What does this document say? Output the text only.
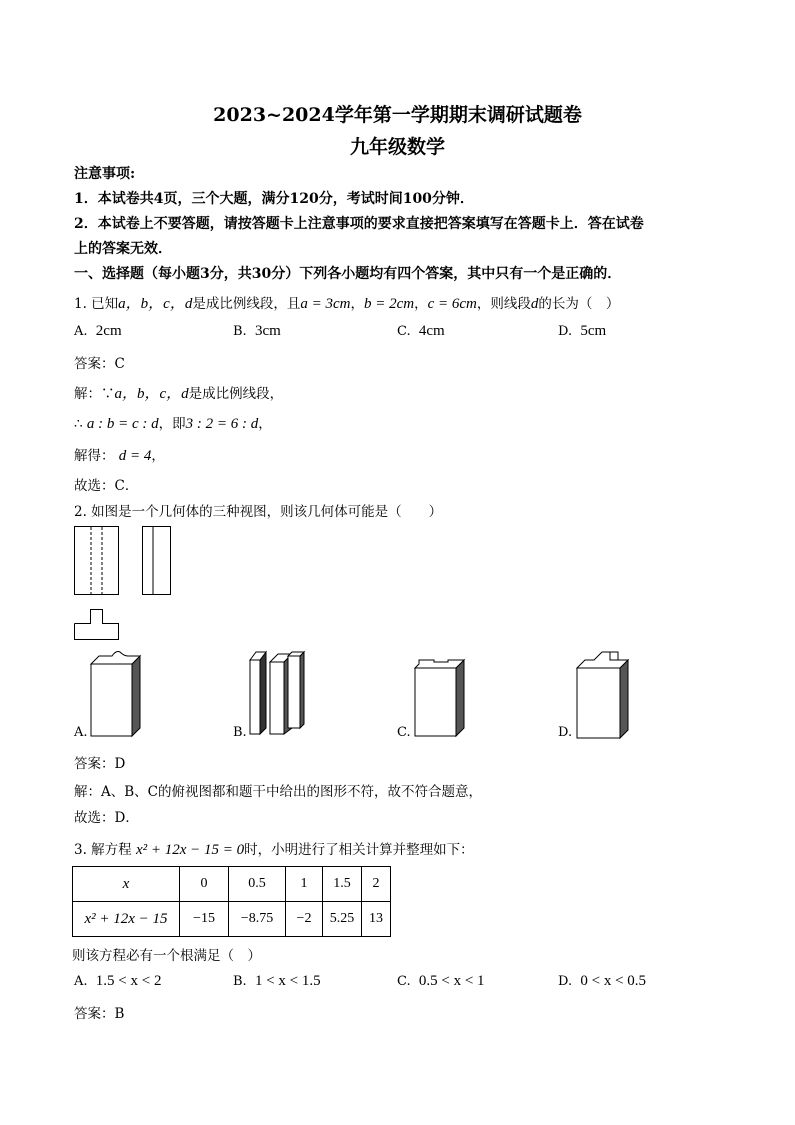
2023~2024学年第一学期期末调研试题卷
九年级数学
注意事项:
1．本试卷共4页，三个大题，满分120分，考试时间100分钟．
2．本试卷上不要答题，请按答题卡上注意事项的要求直接把答案填写在答题卡上．答在试卷
上的答案无效．
一、选择题（每小题3分，共30分）下列各小题均有四个答案，其中只有一个是正确的．
1. 已知a，b，c，d是成比例线段，且a = 3cm，b = 2cm，c = 6cm，则线段d的长为（　）
A. 2cm	B. 3cm	C. 4cm	D. 5cm
答案：C
解：∵a，b，c，d是成比例线段，
∴ a : b = c : d，即3 : 2 = 6 : d，
解得： d = 4，
故选：C．
2. 如图是一个几何体的三种视图，则该几何体可能是（　　）
A.	B.	C.	D.
答案：D
解：A、B、C的俯视图都和题干中给出的图形不符，故不符合题意，
故选：D．
3. 解方程 x² + 12x − 15 = 0时，小明进行了相关计算并整理如下：
x	0	0.5	1	1.5	2
x² + 12x − 15	−15	−8.75	−2	5.25	13
则该方程必有一个根满足（　）
A. 1.5 < x < 2	B. 1 < x < 1.5	C. 0.5 < x < 1	D. 0 < x < 0.5
答案：B
